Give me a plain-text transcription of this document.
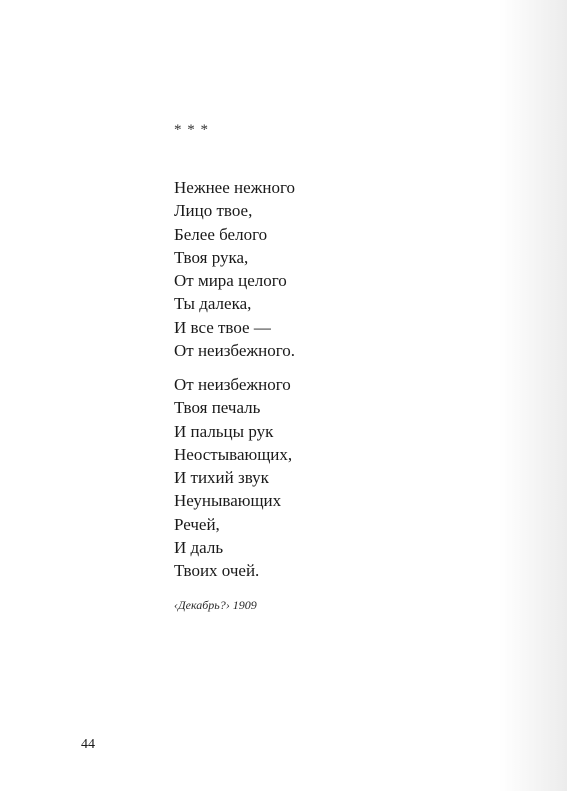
* * *
Нежнее нежного
Лицо твое,
Белее белого
Твоя рука,
От мира целого
Ты далека,
И все твое —
От неизбежного.
От неизбежного
Твоя печаль
И пальцы рук
Неостывающих,
И тихий звук
Неунывающих
Речей,
И даль
Твоих очей.
‹Декабрь?› 1909
44
